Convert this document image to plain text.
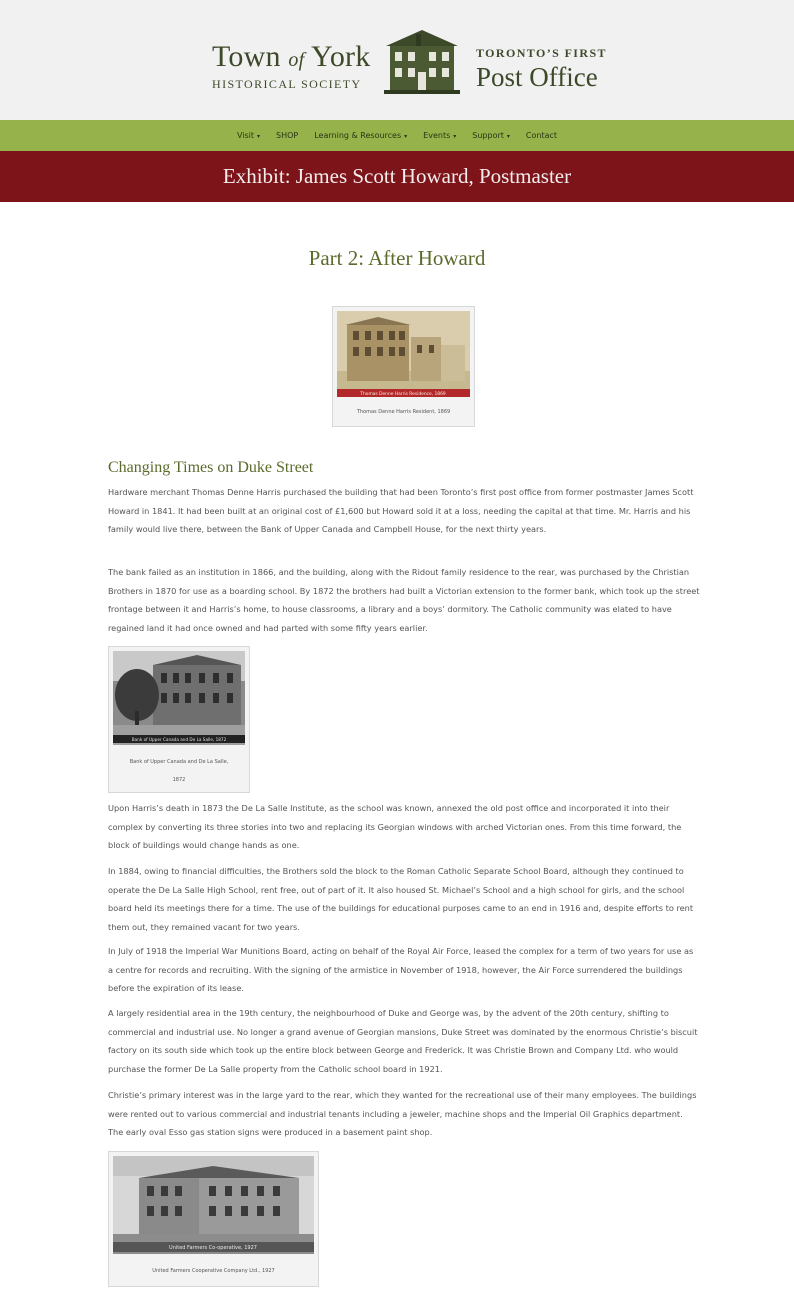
Town of York
HISTORICAL SOCIETY
TORONTO’S FIRST
Post Office
Visit ▾ SHOP Learning & Resources ▾ Events ▾ Support ▾ Contact
Exhibit: James Scott Howard, Postmaster
Part 2: After Howard
Thomas Denne Harris Residence, 1869
Thomas Denne Harris Resident, 1869
Changing Times on Duke Street

Hardware merchant Thomas Denne Harris purchased the building that had been Toronto’s first post office from former postmaster James Scott Howard in 1841. It had been built at an original cost of £1,600 but Howard sold it at a loss, needing the capital at that time. Mr. Harris and his family would live there, between the Bank of Upper Canada and Campbell House, for the next thirty years.

The bank failed as an institution in 1866, and the building, along with the Ridout family residence to the rear, was purchased by the Christian Brothers in 1870 for use as a boarding school. By 1872 the brothers had built a Victorian extension to the former bank, which took up the street frontage between it and Harris’s home, to house classrooms, a library and a boys’ dormitory. The Catholic community was elated to have regained land it had once owned and had parted with some fifty years earlier.

Bank of Upper Canada and De La Salle, 1872
Bank of Upper Canada and De La Salle,
1872

Upon Harris’s death in 1873 the De La Salle Institute, as the school was known, annexed the old post office and incorporated it into their complex by converting its three stories into two and replacing its Georgian windows with arched Victorian ones. From this time forward, the block of buildings would change hands as one.

In 1884, owing to financial difficulties, the Brothers sold the block to the Roman Catholic Separate School Board, although they continued to operate the De La Salle High School, rent free, out of part of it. It also housed St. Michael’s School and a high school for girls, and the school board held its meetings there for a time. The use of the buildings for educational purposes came to an end in 1916 and, despite efforts to rent them out, they remained vacant for two years.

In July of 1918 the Imperial War Munitions Board, acting on behalf of the Royal Air Force, leased the complex for a term of two years for use as a centre for records and recruiting. With the signing of the armistice in November of 1918, however, the Air Force surrendered the buildings before the expiration of its lease.

A largely residential area in the 19th century, the neighbourhood of Duke and George was, by the advent of the 20th century, shifting to commercial and industrial use. No longer a grand avenue of Georgian mansions, Duke Street was dominated by the enormous Christie’s biscuit factory on its south side which took up the entire block between George and Frederick. It was Christie Brown and Company Ltd. who would purchase the former De La Salle property from the Catholic school board in 1921.

Christie’s primary interest was in the large yard to the rear, which they wanted for the recreational use of their many employees. The buildings were rented out to various commercial and industrial tenants including a jeweler, machine shops and the Imperial Oil Graphics department. The early oval Esso gas station signs were produced in a basement paint shop.

United Farmers Co-operative, 1927
United Farmers Cooperative Company Ltd., 1927
